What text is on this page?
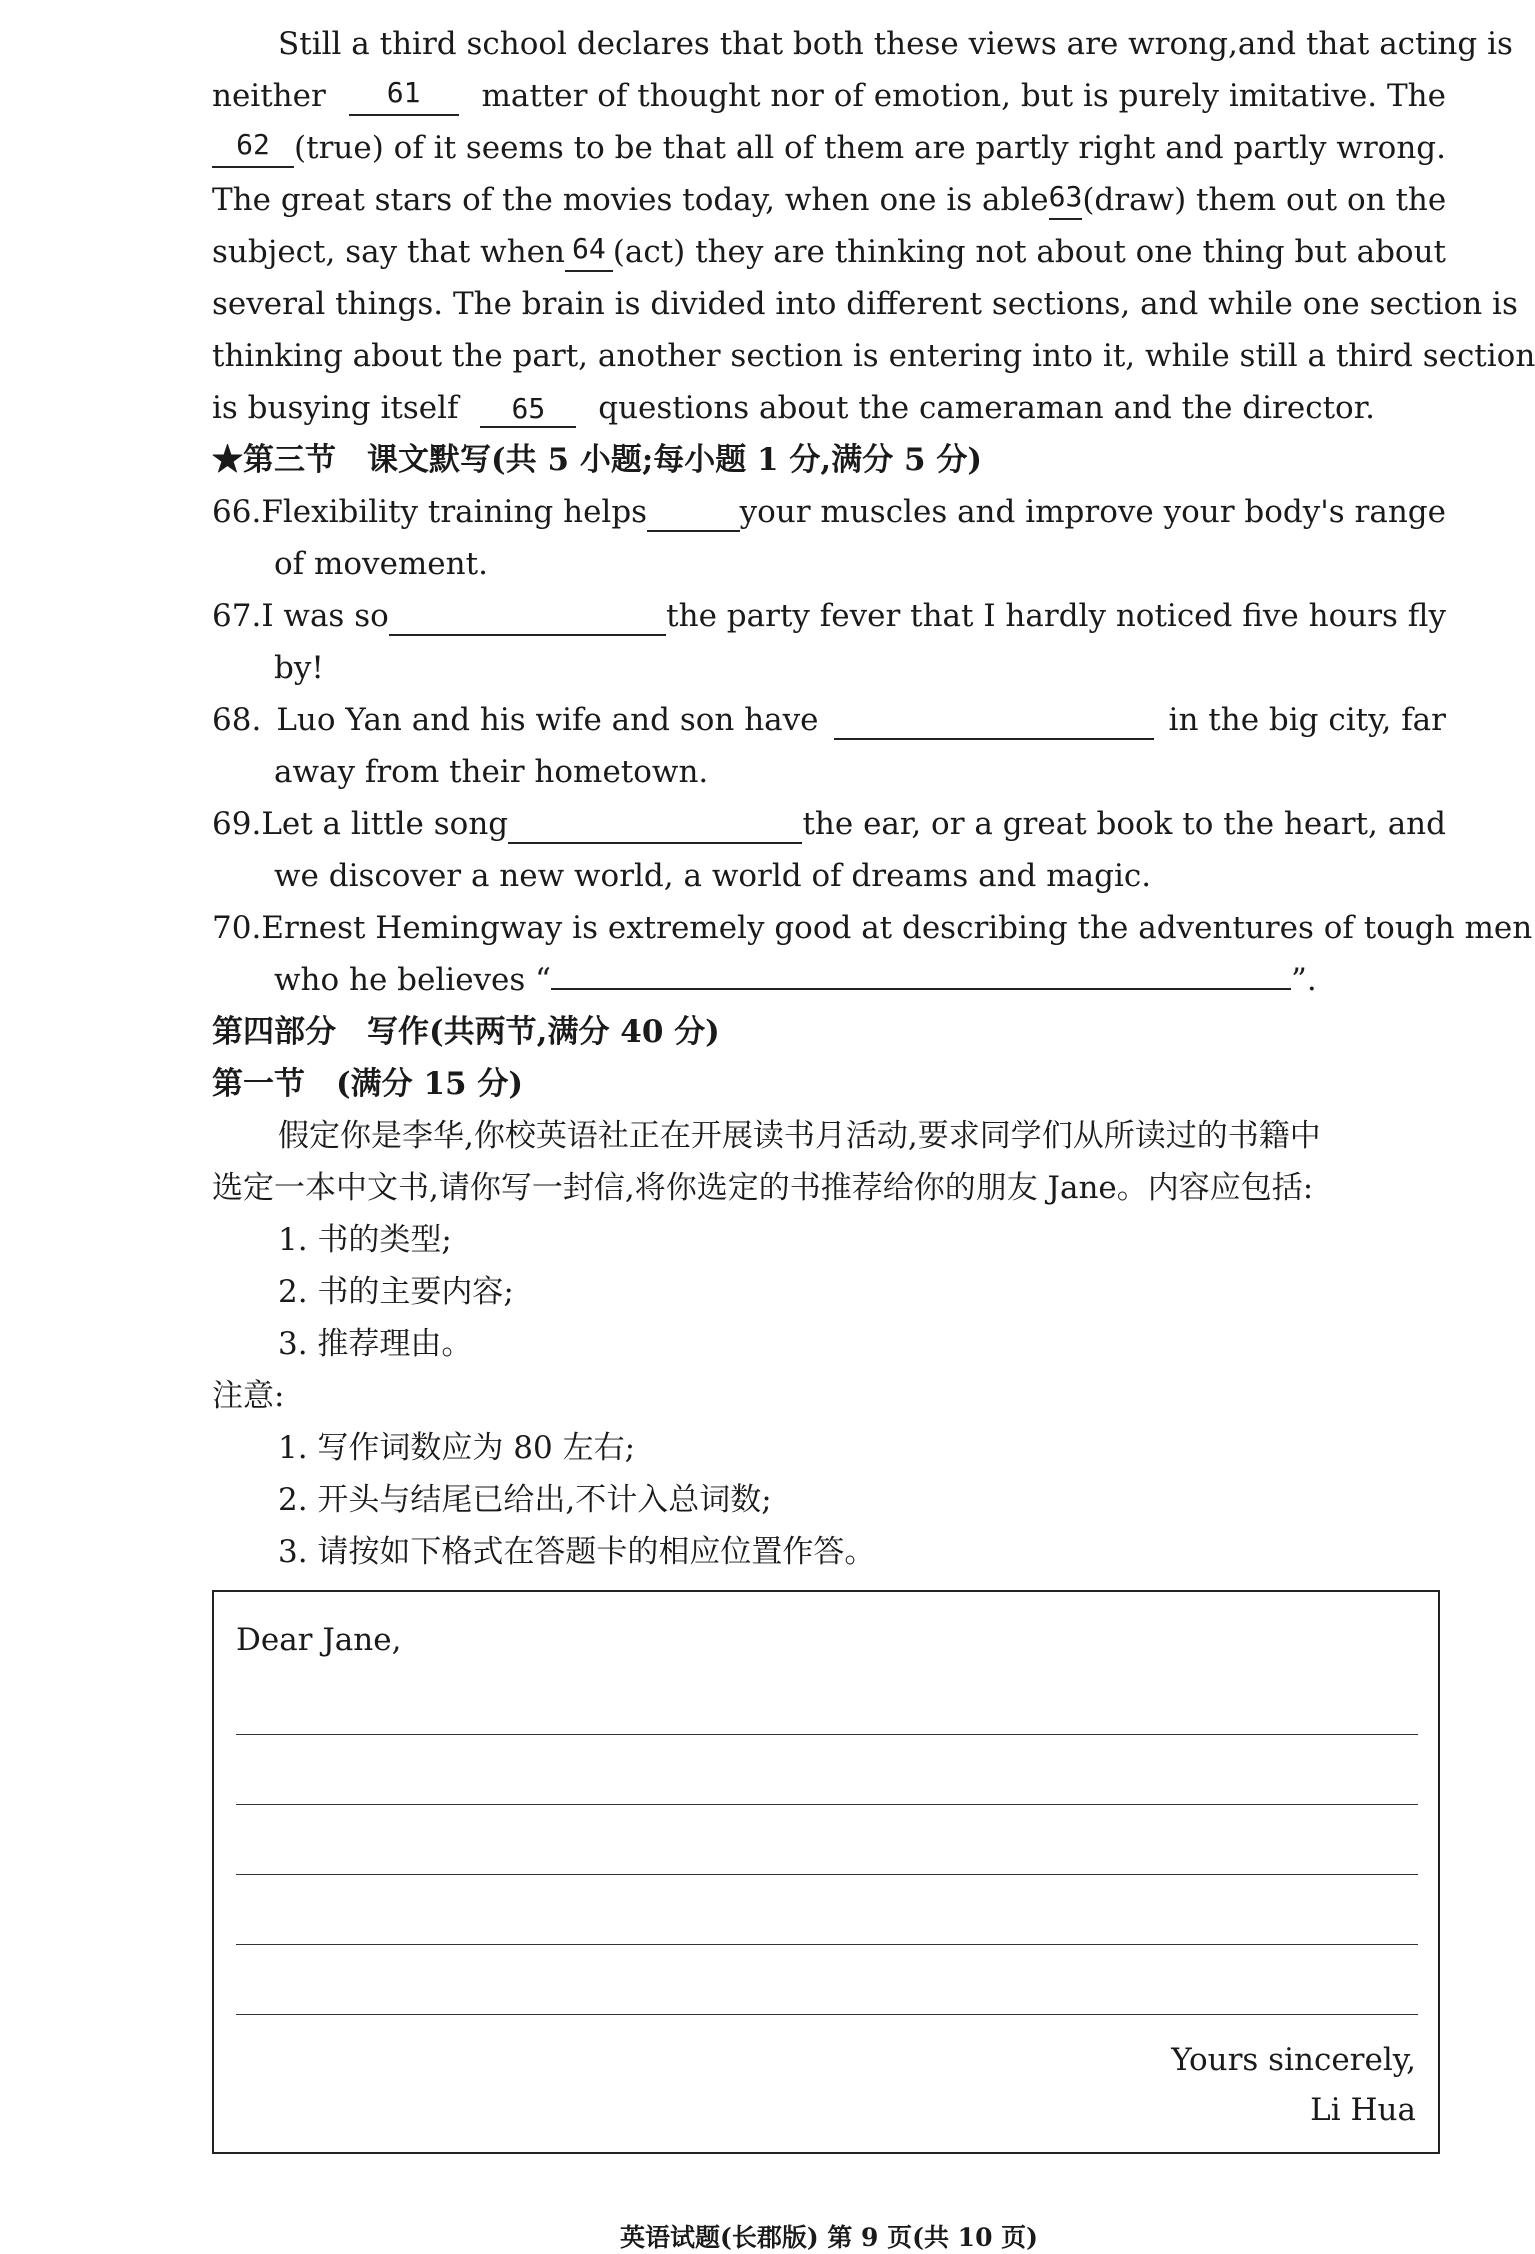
Still a third school declares that both these views are wrong, and that acting is
neither	61	matter of thought nor of emotion, but is purely imitative. The
62 (true) of it seems to be that all of them are partly right and partly wrong.
The great stars of the movies today, when one is able 63 (draw) them out on the
subject, say that when 64 (act) they are thinking not about one thing but about
several things. The brain is divided into different sections, and while one section is
thinking about the part, another section is entering into it, while still a third section
is busying itself 65 questions about the cameraman and the director.
★第三节　课文默写(共 5 小题;每小题 1 分,满分 5 分)
66. Flexibility training helps	your muscles and improve your body's range
of movement.
67. I was so	the party fever that I hardly noticed five hours fly
by!
68. Luo Yan and his wife and son have	in the big city, far
away from their hometown.
69. Let a little song	the ear, or a great book to the heart, and
we discover a new world, a world of dreams and magic.
70. Ernest Hemingway is extremely good at describing the adventures of tough men
who he believes “	”.
第四部分　写作(共两节,满分 40 分)
第一节　(满分 15 分)
假定你是李华,你校英语社正在开展读书月活动,要求同学们从所读过的书籍中
选定一本中文书,请你写一封信,将你选定的书推荐给你的朋友 Jane。内容应包括:
1. 书的类型;
2. 书的主要内容;
3. 推荐理由。
注意:
1. 写作词数应为 80 左右;
2. 开头与结尾已给出,不计入总词数;
3. 请按如下格式在答题卡的相应位置作答。
Dear Jane,
Yours sincerely,
Li Hua
英语试题(长郡版) 第 9 页(共 10 页)
